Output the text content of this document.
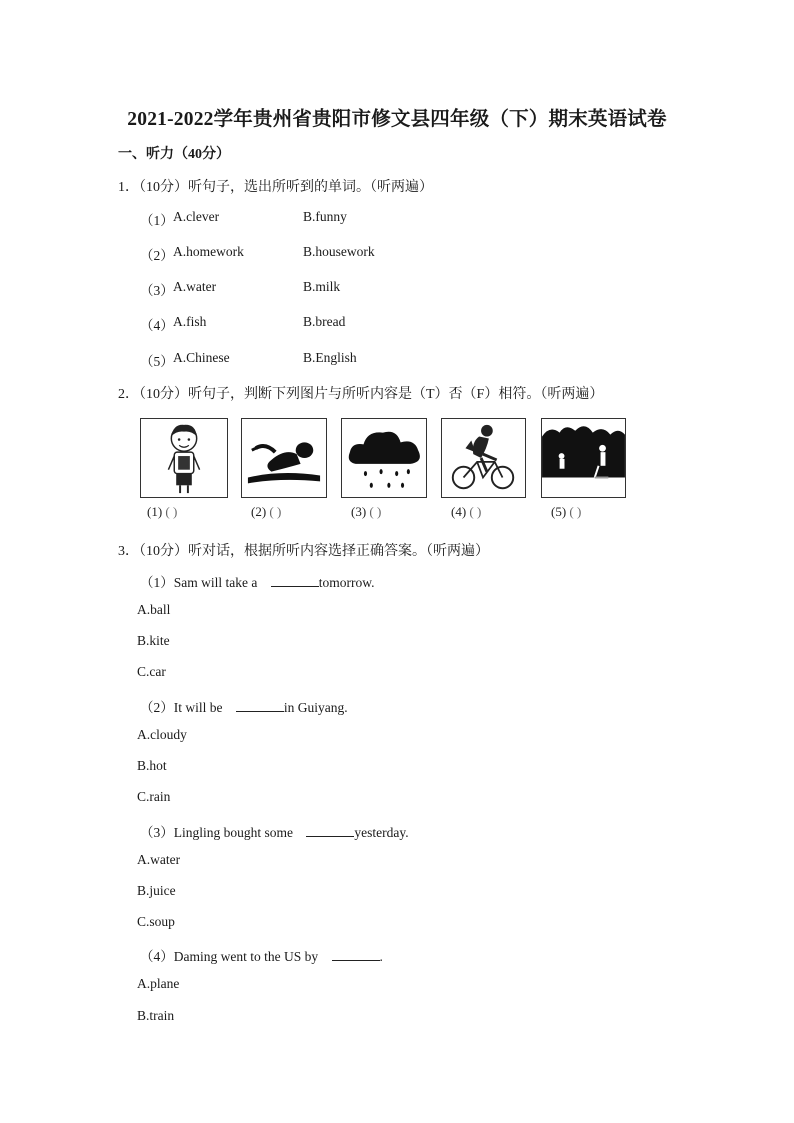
2021-2022学年贵州省贵阳市修文县四年级（下）期末英语试卷
一、听力（40分）
1．（10分）听句子，选出所听到的单词。（听两遍）
（1） A.clever	B.funny
（2） A.homework	B.housework
（3） A.water	B.milk
（4） A.fish	B.bread
（5） A.Chinese	B.English
2．（10分）听句子，判断下列图片与所听内容是（T）否（F）相符。（听两遍）
(1) ( )	(2) ( )	(3) ( )	(4) ( )	(5) ( )
3．（10分）听对话，根据所听内容选择正确答案。（听两遍）
（1）Sam will take a	tomorrow.
A.ball
B.kite
C.car
（2）It will be	in Guiyang.
A.cloudy
B.hot
C.rain
（3）Lingling bought some	yesterday.
A.water
B.juice
C.soup
（4）Daming went to the US by	.
A.plane
B.train
